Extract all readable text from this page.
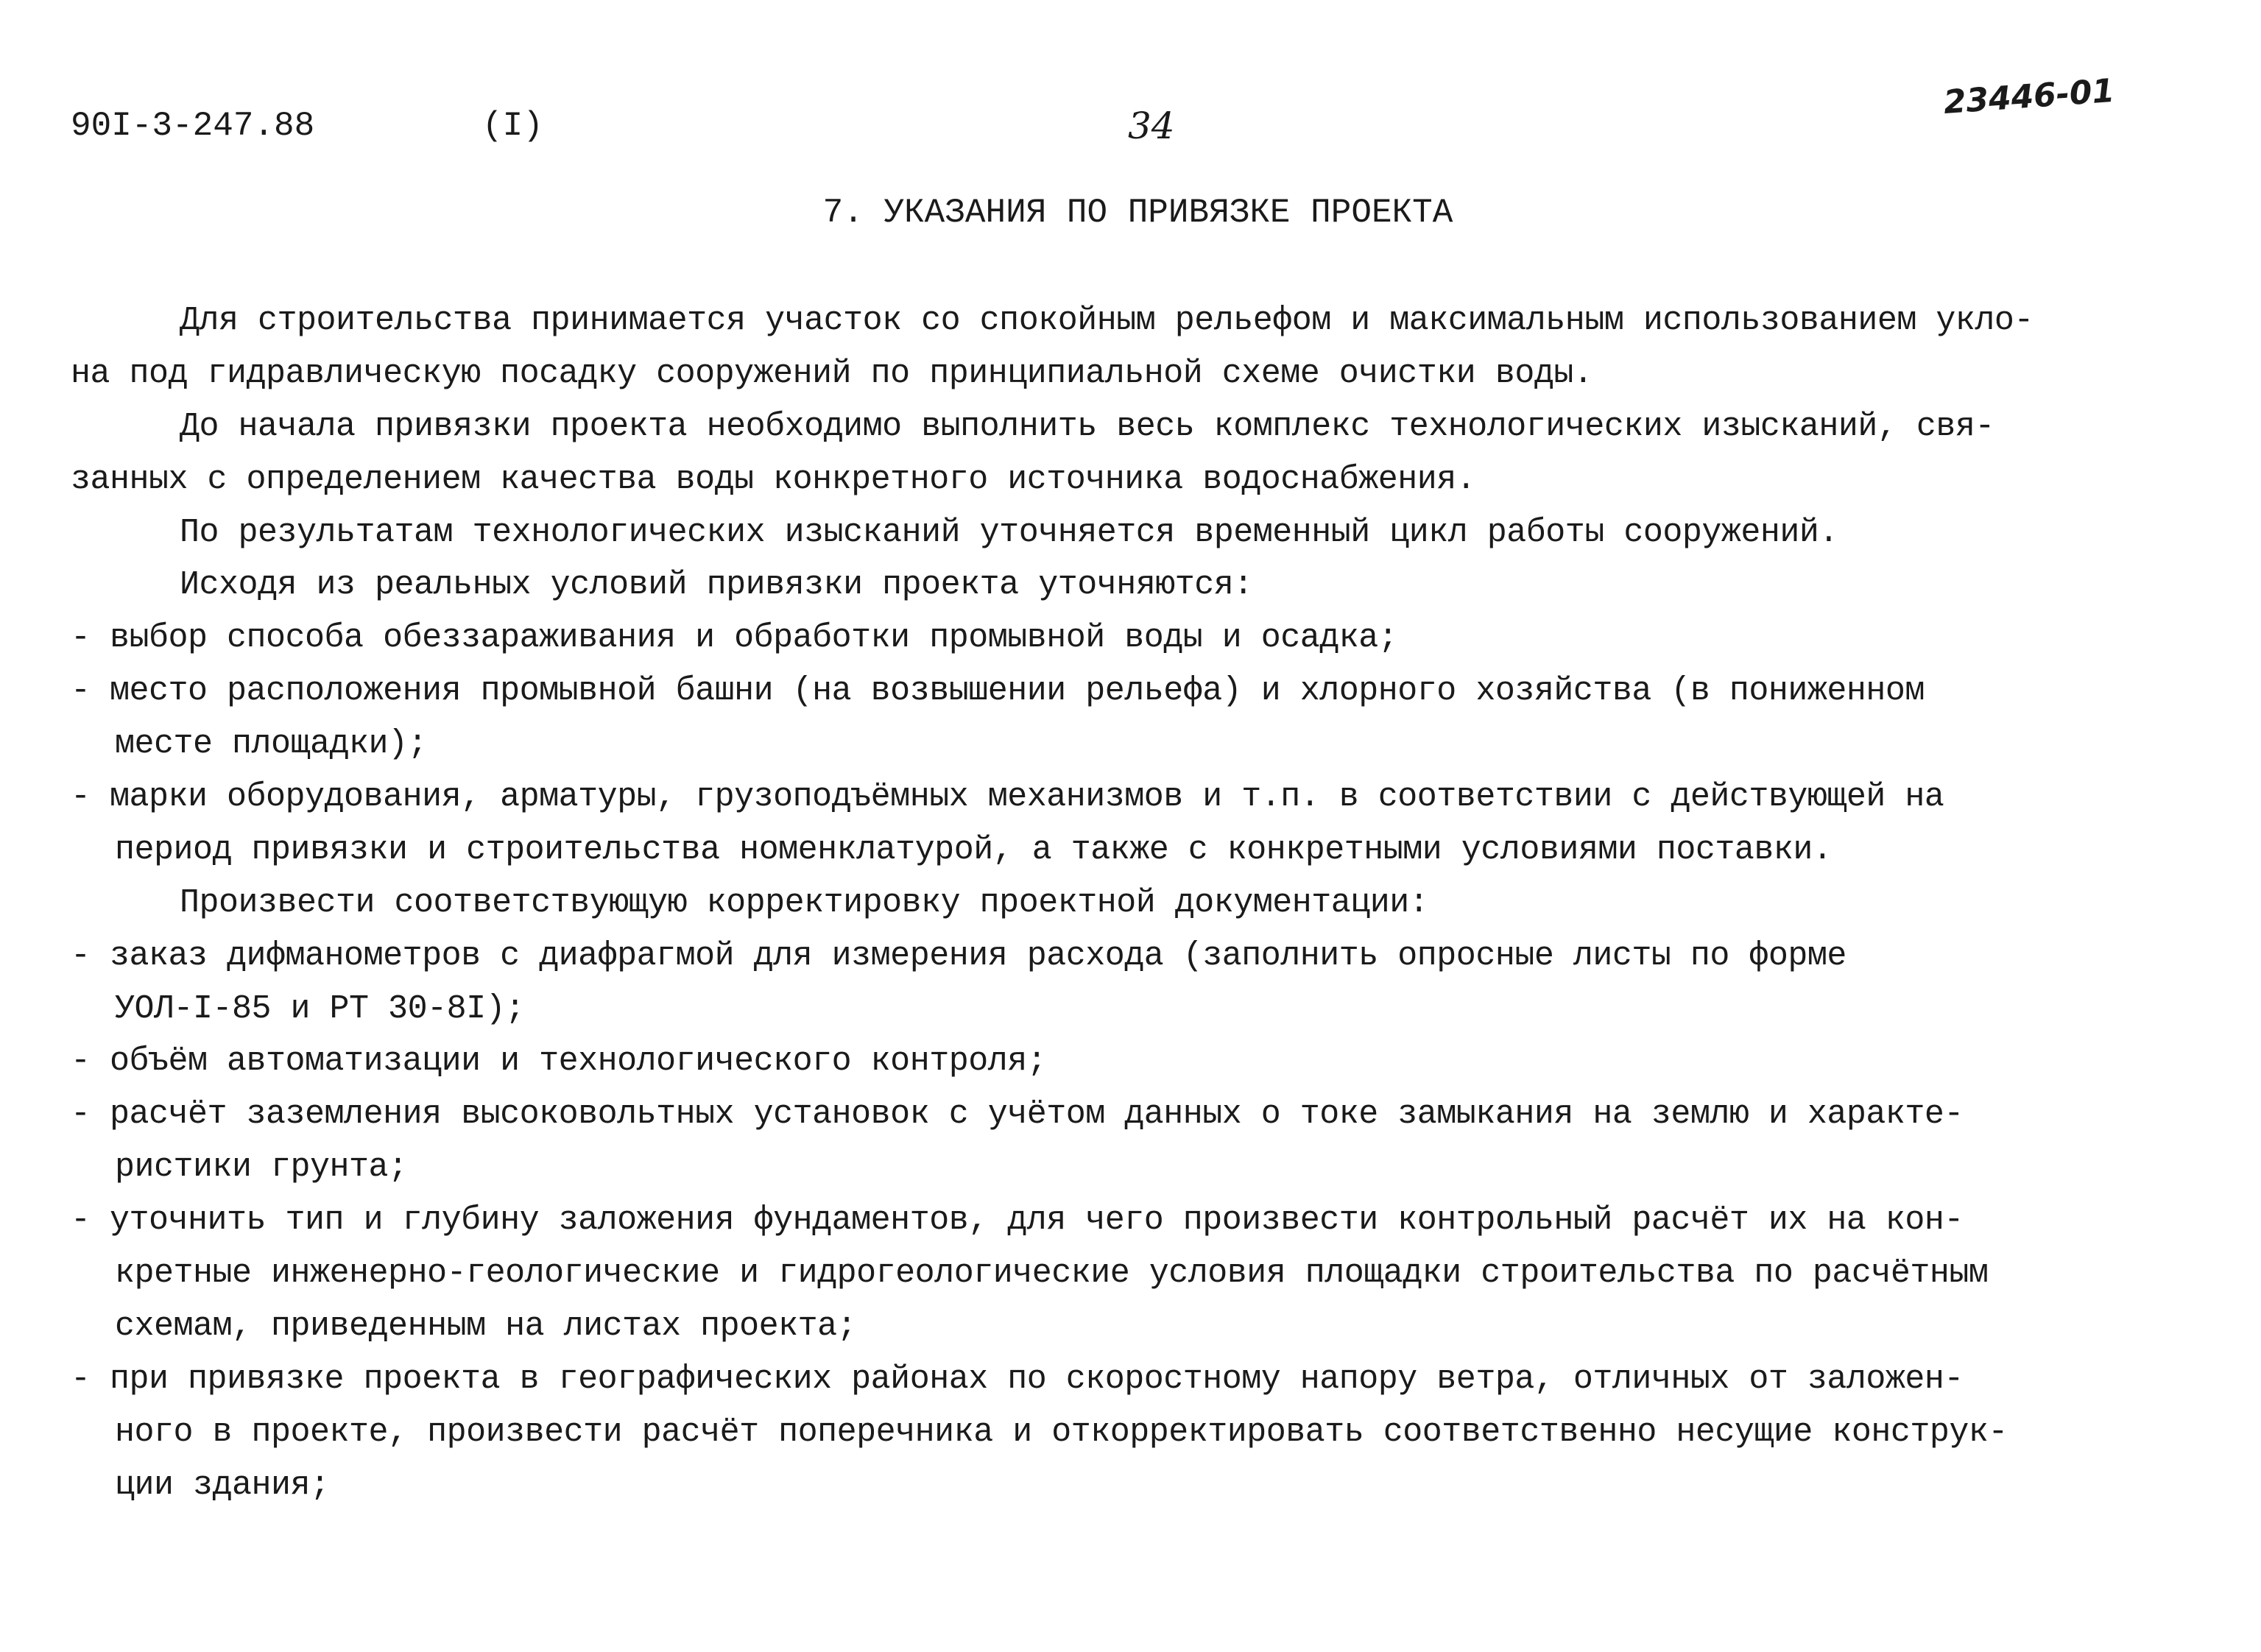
90I-3-247.88	(I)	34
23446-01
7. УКАЗАНИЯ ПО ПРИВЯЗКЕ ПРОЕКТА
Для строительства принимается участок со спокойным рельефом и максимальным использованием укло-
на под гидравлическую посадку сооружений по принципиальной схеме очистки воды.
До начала привязки проекта необходимо выполнить весь комплекс технологических изысканий, свя-
занных с определением качества воды конкретного источника водоснабжения.
По результатам технологических изысканий уточняется временный цикл работы сооружений.
Исходя из реальных условий привязки проекта уточняются:
- выбор способа обеззараживания и обработки промывной воды и осадка;
- место расположения промывной башни (на возвышении рельефа) и хлорного хозяйства (в пониженном
месте площадки);
- марки оборудования, арматуры, грузоподъёмных механизмов и т.п. в соответствии с действующей на
период привязки и строительства номенклатурой, а также с конкретными условиями поставки.
Произвести соответствующую корректировку проектной документации:
- заказ дифманометров с диафрагмой для измерения расхода (заполнить опросные листы по форме
УОЛ-I-85 и РТ 30-8I);
- объём автоматизации и технологического контроля;
- расчёт заземления высоковольтных установок с учётом данных о токе замыкания на землю и характе-
ристики грунта;
- уточнить тип и глубину заложения фундаментов, для чего произвести контрольный расчёт их на кон-
кретные инженерно-геологические и гидрогеологические условия площадки строительства по расчётным
схемам, приведенным на листах проекта;
- при привязке проекта в географических районах по скоростному напору ветра, отличных от заложен-
ного в проекте, произвести расчёт поперечника и откорректировать соответственно несущие конструк-
ции здания;
